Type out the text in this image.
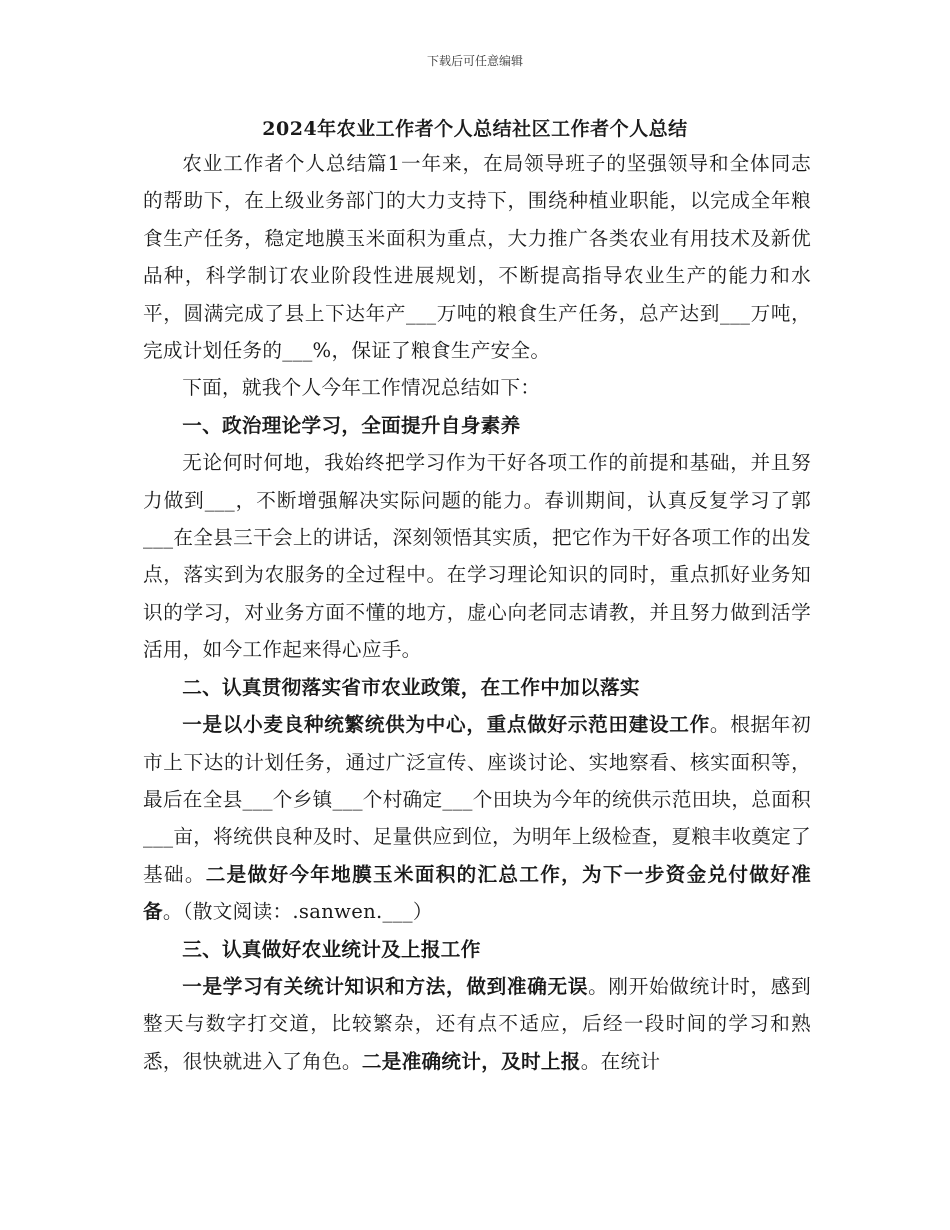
下载后可任意编辑
2024年农业工作者个人总结社区工作者个人总结

农业工作者个人总结篇1一年来，在局领导班子的坚强领导和全体同志的帮助下，在上级业务部门的大力支持下，围绕种植业职能，以完成全年粮食生产任务，稳定地膜玉米面积为重点，大力推广各类农业有用技术及新优品种，科学制订农业阶段性进展规划，不断提高指导农业生产的能力和水平，圆满完成了县上下达年产___万吨的粮食生产任务，总产达到___万吨，完成计划任务的___%，保证了粮食生产安全。

下面，就我个人今年工作情况总结如下：

一、政治理论学习，全面提升自身素养

无论何时何地，我始终把学习作为干好各项工作的前提和基础，并且努力做到___，不断增强解决实际问题的能力。春训期间，认真反复学习了郭___在全县三干会上的讲话，深刻领悟其实质，把它作为干好各项工作的出发点，落实到为农服务的全过程中。在学习理论知识的同时，重点抓好业务知识的学习，对业务方面不懂的地方，虚心向老同志请教，并且努力做到活学活用，如今工作起来得心应手。

二、认真贯彻落实省市农业政策，在工作中加以落实

一是以小麦良种统繁统供为中心，重点做好示范田建设工作。根据年初市上下达的计划任务，通过广泛宣传、座谈讨论、实地察看、核实面积等，最后在全县___个乡镇___个村确定___个田块为今年的统供示范田块，总面积___亩，将统供良种及时、足量供应到位，为明年上级检查，夏粮丰收奠定了基础。二是做好今年地膜玉米面积的汇总工作，为下一步资金兑付做好准备。（散文阅读：.sanwen.___）

三、认真做好农业统计及上报工作

一是学习有关统计知识和方法，做到准确无误。刚开始做统计时，感到整天与数字打交道，比较繁杂，还有点不适应，后经一段时间的学习和熟悉，很快就进入了角色。二是准确统计，及时上报。在统计
